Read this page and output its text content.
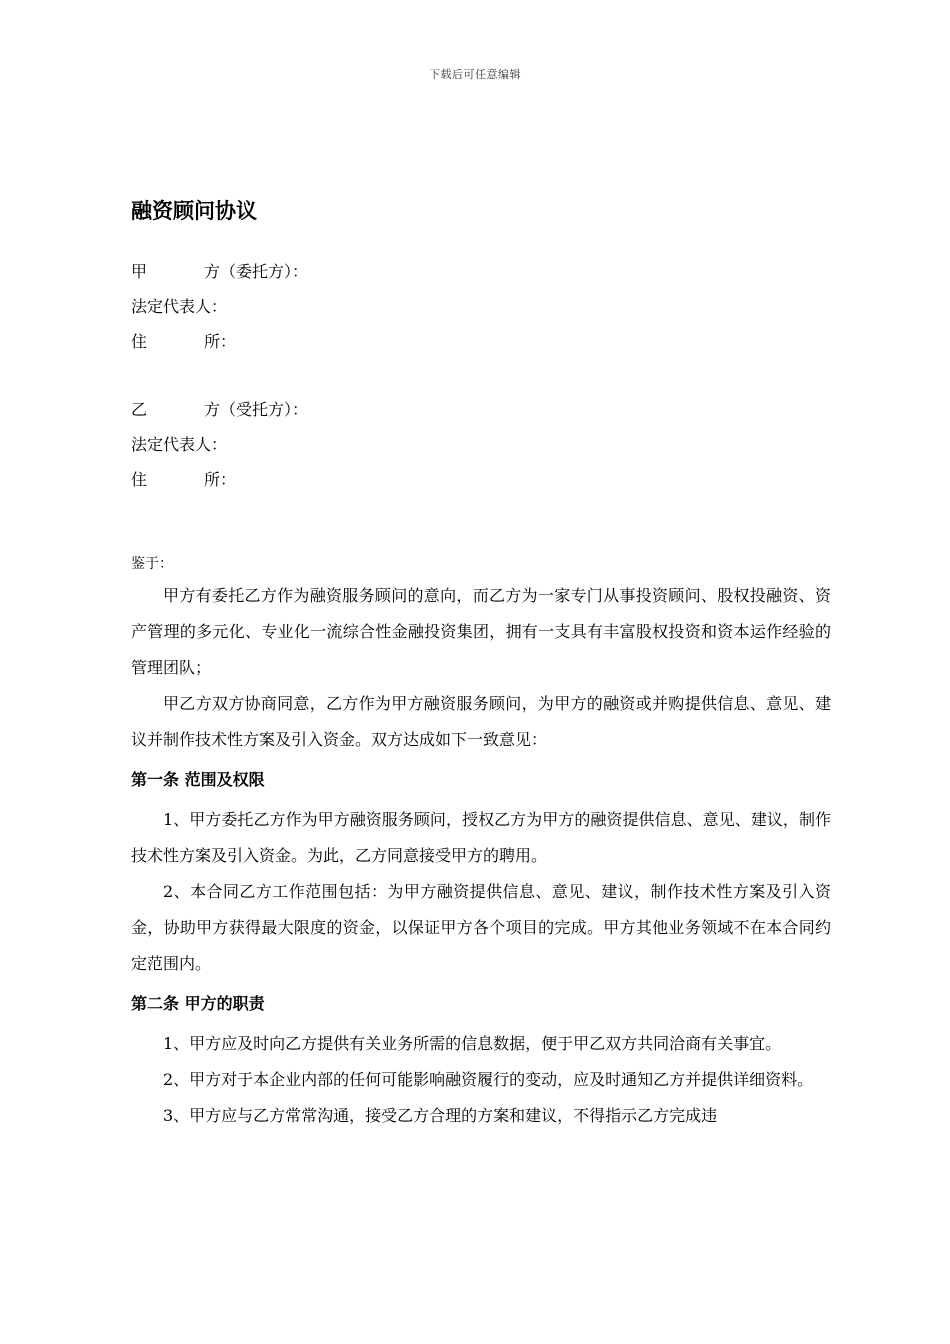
下载后可任意编辑
融资顾问协议
甲	方（委托方）：
法定代表人：
住	所：
乙	方（受托方）：
法定代表人：
住	所：
鉴于：

甲方有委托乙方作为融资服务顾问的意向，而乙方为一家专门从事投资顾问、股权投融资、资产管理的多元化、专业化一流综合性金融投资集团，拥有一支具有丰富股权投资和资本运作经验的管理团队；

甲乙方双方协商同意，乙方作为甲方融资服务顾问，为甲方的融资或并购提供信息、意见、建议并制作技术性方案及引入资金。双方达成如下一致意见：

第一条 范围及权限

1、甲方委托乙方作为甲方融资服务顾问，授权乙方为甲方的融资提供信息、意见、建议，制作技术性方案及引入资金。为此，乙方同意接受甲方的聘用。

2、本合同乙方工作范围包括：为甲方融资提供信息、意见、建议，制作技术性方案及引入资金，协助甲方获得最大限度的资金，以保证甲方各个项目的完成。甲方其他业务领域不在本合同约定范围内。

第二条 甲方的职责

1、甲方应及时向乙方提供有关业务所需的信息数据，便于甲乙双方共同洽商有关事宜。

2、甲方对于本企业内部的任何可能影响融资履行的变动，应及时通知乙方并提供详细资料。

3、甲方应与乙方常常沟通，接受乙方合理的方案和建议，不得指示乙方完成违
